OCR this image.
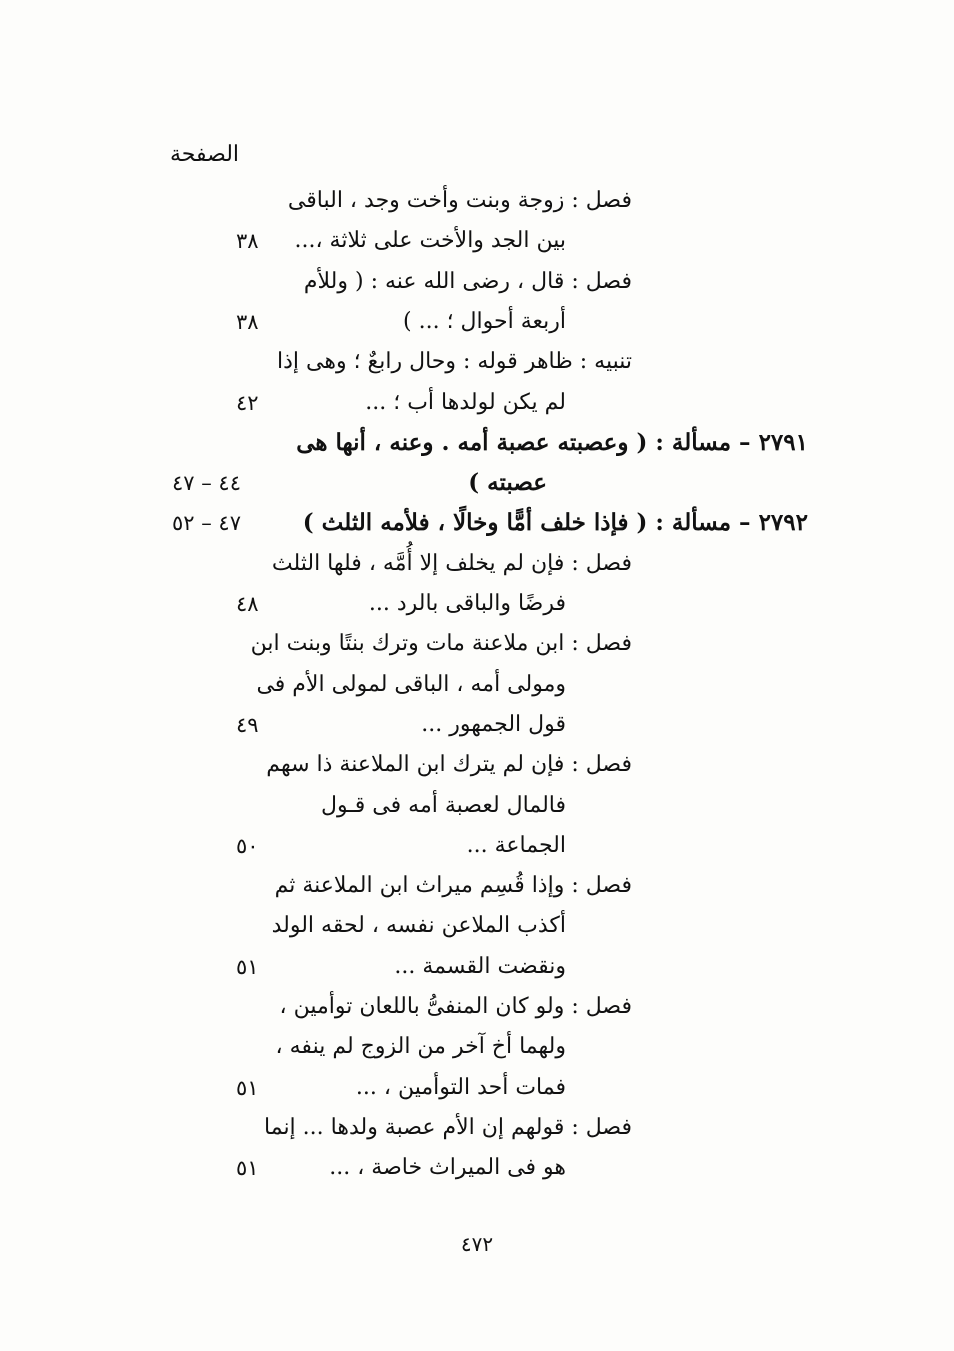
الصفحة
فصل : زوجة وبنت وأخت وجد ، الباقى
بين الجد والأخت على ثلاثة ،...
٣٨
فصل : قال ، رضى الله عنه : ( وللأم
أربعة أحوال ؛ ... )
٣٨
تنبيه : ظاهر قوله : وحال رابعٌ ؛ وهى إذا
لم يكن لولدها أب ؛ ...
٤٢
٢٧٩١ – مسألة : ( وعصبته عصبة أمه . وعنه ، أنها هى
عصبته )
٤٤ – ٤٧
٢٧٩٢ – مسألة : ( فإذا خلف أمًّا وخالًا ، فلأمه الثلث )
٤٧ – ٥٢
فصل : فإن لم يخلف إلا أُمَّه ، فلها الثلث
فرضًا والباقى بالرد ...
٤٨
فصل : ابن ملاعنة مات وترك بنتًا وبنت ابن
ومولى أمه ، الباقى لمولى الأم فى
قول الجمهور ...
٤٩
فصل : فإن لم يترك ابن الملاعنة ذا سهم
فالمال لعصبة أمه فى قـول
الجماعة ...
٥٠
فصل : وإذا قُسِم ميراث ابن الملاعنة ثم
أكذب الملاعن نفسه ، لحقه الولد
ونقضت القسمة ...
٥١
فصل : ولو كان المنفىُّ باللعان توأمين ،
ولهما أخ آخر من الزوج لم ينفه ،
فمات أحد التوأمين ، ...
٥١
فصل : قولهم إن الأم عصبة ولدها ... إنما
هو فى الميراث خاصة ، ...
٥١
٤٧٢
